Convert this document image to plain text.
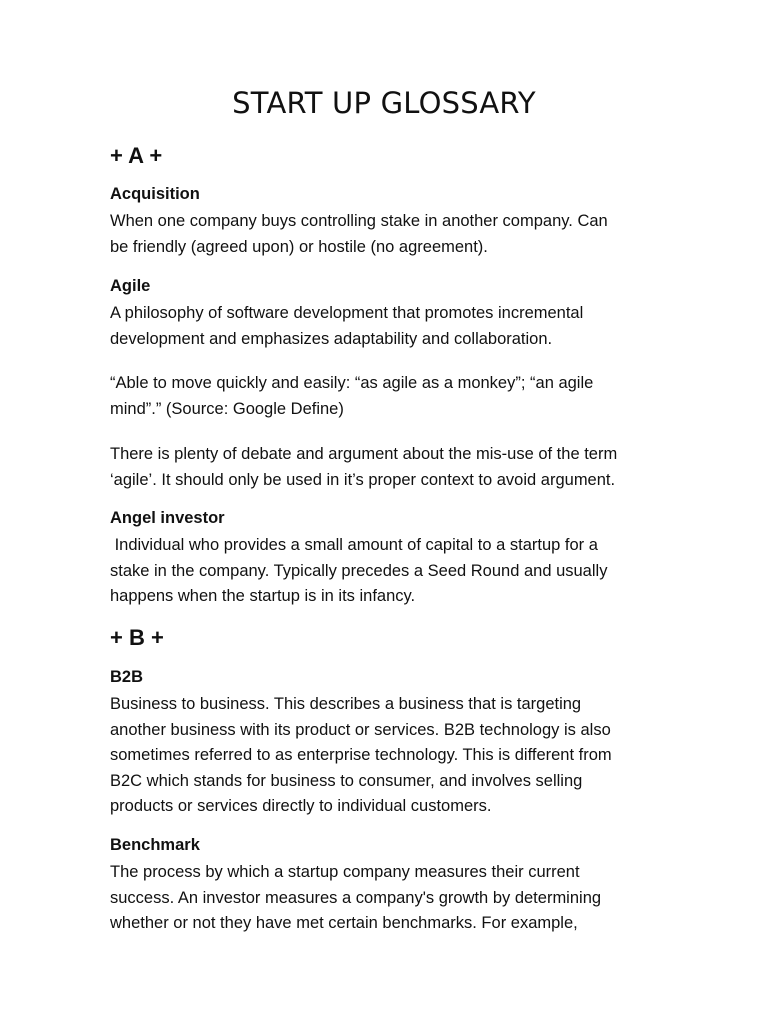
START UP GLOSSARY
+ A +
Acquisition
When one company buys controlling stake in another company. Can
be friendly (agreed upon) or hostile (no agreement).
Agile
A philosophy of software development that promotes incremental
development and emphasizes adaptability and collaboration.
“Able to move quickly and easily: “as agile as a monkey”; “an agile
mind”.” (Source: Google Define)
There is plenty of debate and argument about the mis-use of the term
‘agile’. It should only be used in it’s proper context to avoid argument.
Angel investor
Individual who provides a small amount of capital to a startup for a
stake in the company. Typically precedes a Seed Round and usually
happens when the startup is in its infancy.
+ B +
B2B
Business to business. This describes a business that is targeting
another business with its product or services. B2B technology is also
sometimes referred to as enterprise technology. This is different from
B2C which stands for business to consumer, and involves selling
products or services directly to individual customers.
Benchmark
The process by which a startup company measures their current
success. An investor measures a company's growth by determining
whether or not they have met certain benchmarks. For example,
